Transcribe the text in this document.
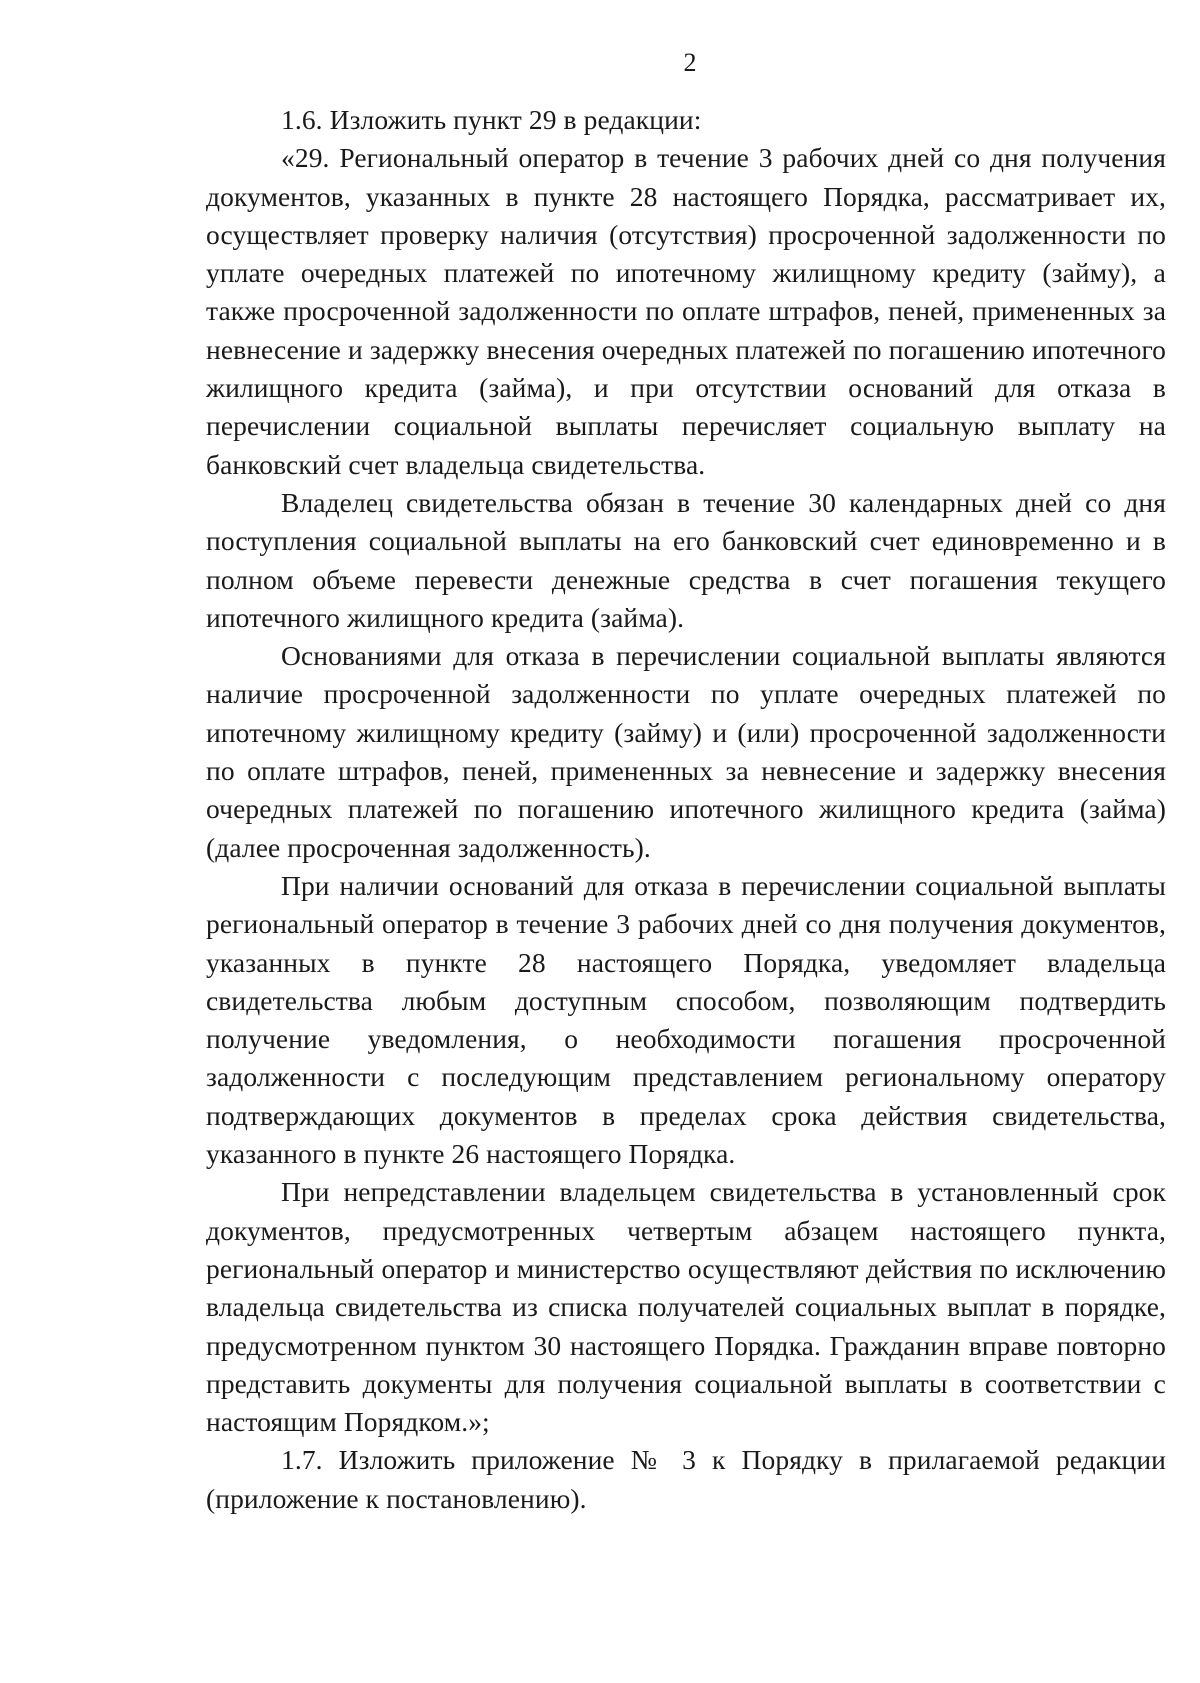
2

1.6. Изложить пункт 29 в редакции:

«29. Региональный оператор в течение 3 рабочих дней со дня получения документов, указанных в пункте 28 настоящего Порядка, рассматривает их, осуществляет проверку наличия (отсутствия) просроченной задолженности по уплате очередных платежей по ипотечному жилищному кредиту (займу), а также просроченной задолженности по оплате штрафов, пеней, примененных за невнесение и задержку внесения очередных платежей по погашению ипотечного жилищного кредита (займа), и при отсутствии оснований для отказа в перечислении социальной выплаты перечисляет социальную выплату на банковский счет владельца свидетельства.

Владелец свидетельства обязан в течение 30 календарных дней со дня поступления социальной выплаты на его банковский счет единовременно и в полном объеме перевести денежные средства в счет погашения текущего ипотечного жилищного кредита (займа).

Основаниями для отказа в перечислении социальной выплаты являются наличие просроченной задолженности по уплате очередных платежей по ипотечному жилищному кредиту (займу) и (или) просроченной задолженности по оплате штрафов, пеней, примененных за невнесение и задержку внесения очередных платежей по погашению ипотечного жилищного кредита (займа) (далее просроченная задолженность).

При наличии оснований для отказа в перечислении социальной выплаты региональный оператор в течение 3 рабочих дней со дня получения документов, указанных в пункте 28 настоящего Порядка, уведомляет владельца свидетельства любым доступным способом, позволяющим подтвердить получение уведомления, о необходимости погашения просроченной задолженности с последующим представлением региональному оператору подтверждающих документов в пределах срока действия свидетельства, указанного в пункте 26 настоящего Порядка.

При непредставлении владельцем свидетельства в установленный срок документов, предусмотренных четвертым абзацем настоящего пункта, региональный оператор и министерство осуществляют действия по исключению владельца свидетельства из списка получателей социальных выплат в порядке, предусмотренном пунктом 30 настоящего Порядка. Гражданин вправе повторно представить документы для получения социальной выплаты в соответствии с настоящим Порядком.»;

1.7. Изложить приложение № 3 к Порядку в прилагаемой редакции (приложение к постановлению).
